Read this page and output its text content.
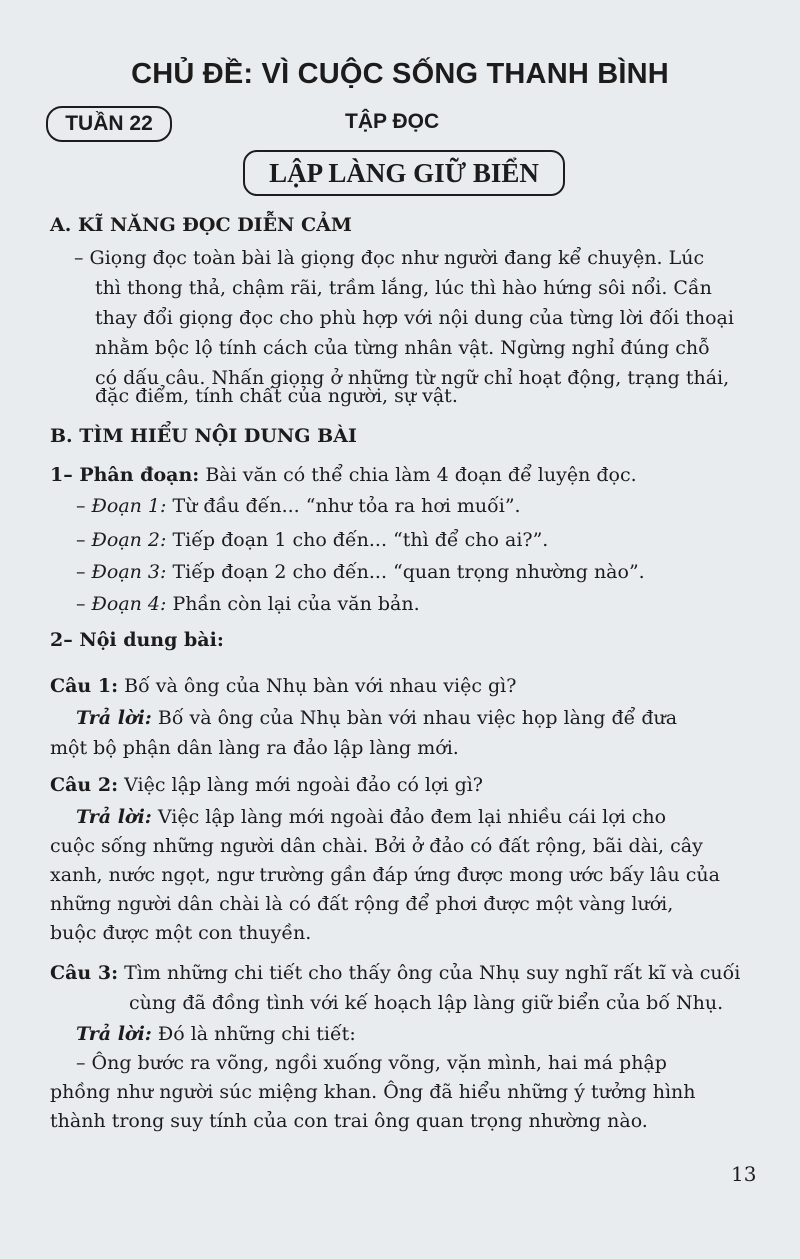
CHỦ ĐỀ: VÌ CUỘC SỐNG THANH BÌNH
TUẦN 22	TẬP ĐỌC
LẬP LÀNG GIỮ BIỂN
A. KĨ NĂNG ĐỌC DIỄN CẢM
– Giọng đọc toàn bài là giọng đọc như người đang kể chuyện. Lúc
thì thong thả, chậm rãi, trầm lắng, lúc thì hào hứng sôi nổi. Cần
thay đổi giọng đọc cho phù hợp với nội dung của từng lời đối thoại
nhằm bộc lộ tính cách của từng nhân vật. Ngừng nghỉ đúng chỗ
có dấu câu. Nhấn giọng ở những từ ngữ chỉ hoạt động, trạng thái,
đặc điểm, tính chất của người, sự vật.
B. TÌM HIỂU NỘI DUNG BÀI
1– Phân đoạn: Bài văn có thể chia làm 4 đoạn để luyện đọc.
– Đoạn 1: Từ đầu đến... “như tỏa ra hơi muối”.
– Đoạn 2: Tiếp đoạn 1 cho đến... “thì để cho ai?”.
– Đoạn 3: Tiếp đoạn 2 cho đến... “quan trọng nhường nào”.
– Đoạn 4: Phần còn lại của văn bản.
2– Nội dung bài:
Câu 1: Bố và ông của Nhụ bàn với nhau việc gì?
Trả lời: Bố và ông của Nhụ bàn với nhau việc họp làng để đưa
một bộ phận dân làng ra đảo lập làng mới.
Câu 2: Việc lập làng mới ngoài đảo có lợi gì?
Trả lời: Việc lập làng mới ngoài đảo đem lại nhiều cái lợi cho
cuộc sống những người dân chài. Bởi ở đảo có đất rộng, bãi dài, cây
xanh, nước ngọt, ngư trường gần đáp ứng được mong ước bấy lâu của
những người dân chài là có đất rộng để phơi được một vàng lưới,
buộc được một con thuyền.
Câu 3: Tìm những chi tiết cho thấy ông của Nhụ suy nghĩ rất kĩ và cuối
cùng đã đồng tình với kế hoạch lập làng giữ biển của bố Nhụ.
Trả lời: Đó là những chi tiết:
– Ông bước ra võng, ngồi xuống võng, vặn mình, hai má phập
phồng như người súc miệng khan. Ông đã hiểu những ý tưởng hình
thành trong suy tính của con trai ông quan trọng nhường nào.
13
